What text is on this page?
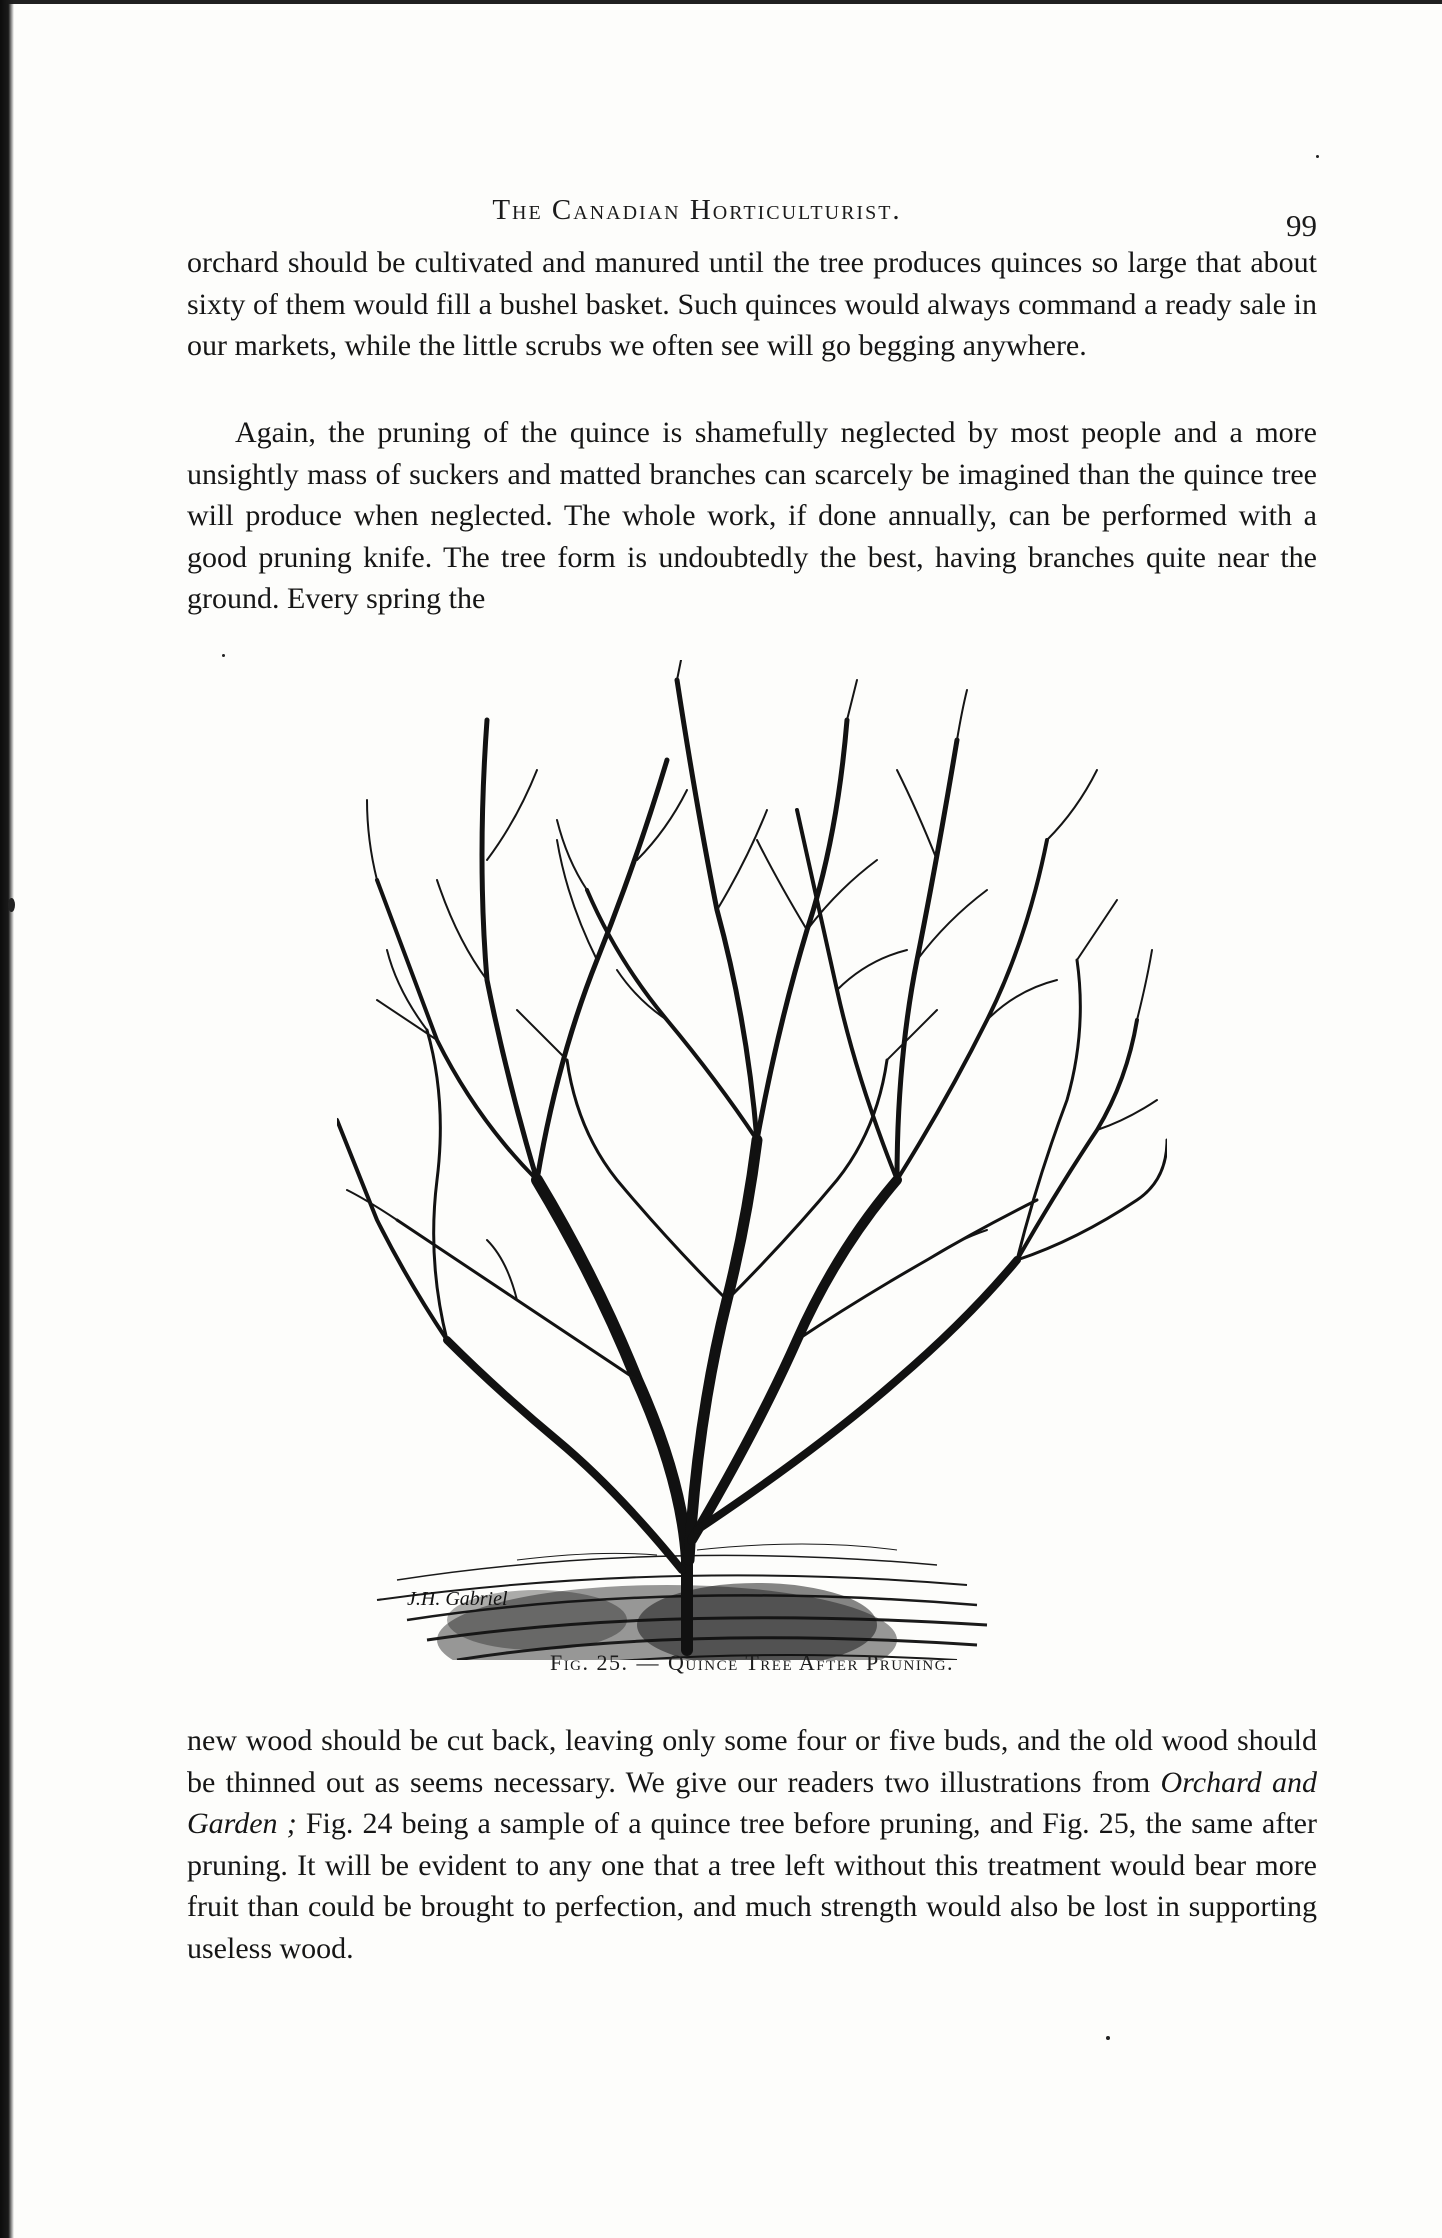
The Canadian Horticulturist.	99

orchard should be cultivated and manured until the tree produces quinces so large that about sixty of them would fill a bushel basket. Such quinces would always command a ready sale in our markets, while the little scrubs we often see will go begging anywhere.

Again, the pruning of the quince is shamefully neglected by most people and a more unsightly mass of suckers and matted branches can scarcely be imagined than the quince tree will produce when neglected. The whole work, if done annually, can be performed with a good pruning knife. The tree form is undoubtedly the best, having branches quite near the ground. Every spring the

J.H. Gabriel
Fig. 25. — Quince Tree After Pruning.

new wood should be cut back, leaving only some four or five buds, and the old wood should be thinned out as seems necessary. We give our readers two illustrations from Orchard and Garden ; Fig. 24 being a sample of a quince tree before pruning, and Fig. 25, the same after pruning. It will be evident to any one that a tree left without this treatment would bear more fruit than could be brought to perfection, and much strength would also be lost in supporting useless wood.
